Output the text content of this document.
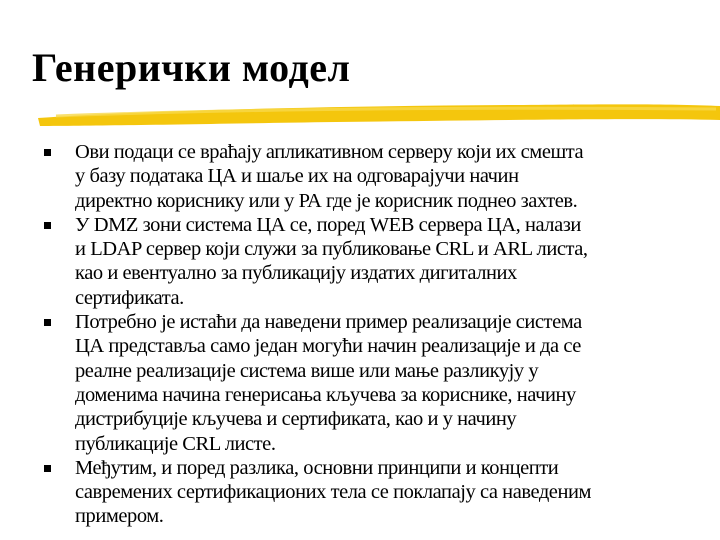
Генерички модел
Ови подаци се враћају апликативном серверу који их смешта
у базу података ЦА и шаље их на одговарајучи начин
директно кориснику или у РА где је корисник поднео захтев.
У DMZ зони система ЦА се, поред WEB сервера ЦА, налази
и LDAP сервер који служи за публиковање CRL и ARL листа,
као и евентуално за публикацију издатих дигиталних
сертификата.
Потребно је истаћи да наведени пример реализације система
ЦА представља само један могући начин реализације и да се
реалне реализације система више или мање разликују у
доменима начина генерисања кључева за кориснике, начину
дистрибуције кључева и сертификата, као и у начину
публикације CRL листе.
Међутим, и поред разлика, основни принципи и концепти
савремених сертификационих тела се поклапају са наведеним
примером.
